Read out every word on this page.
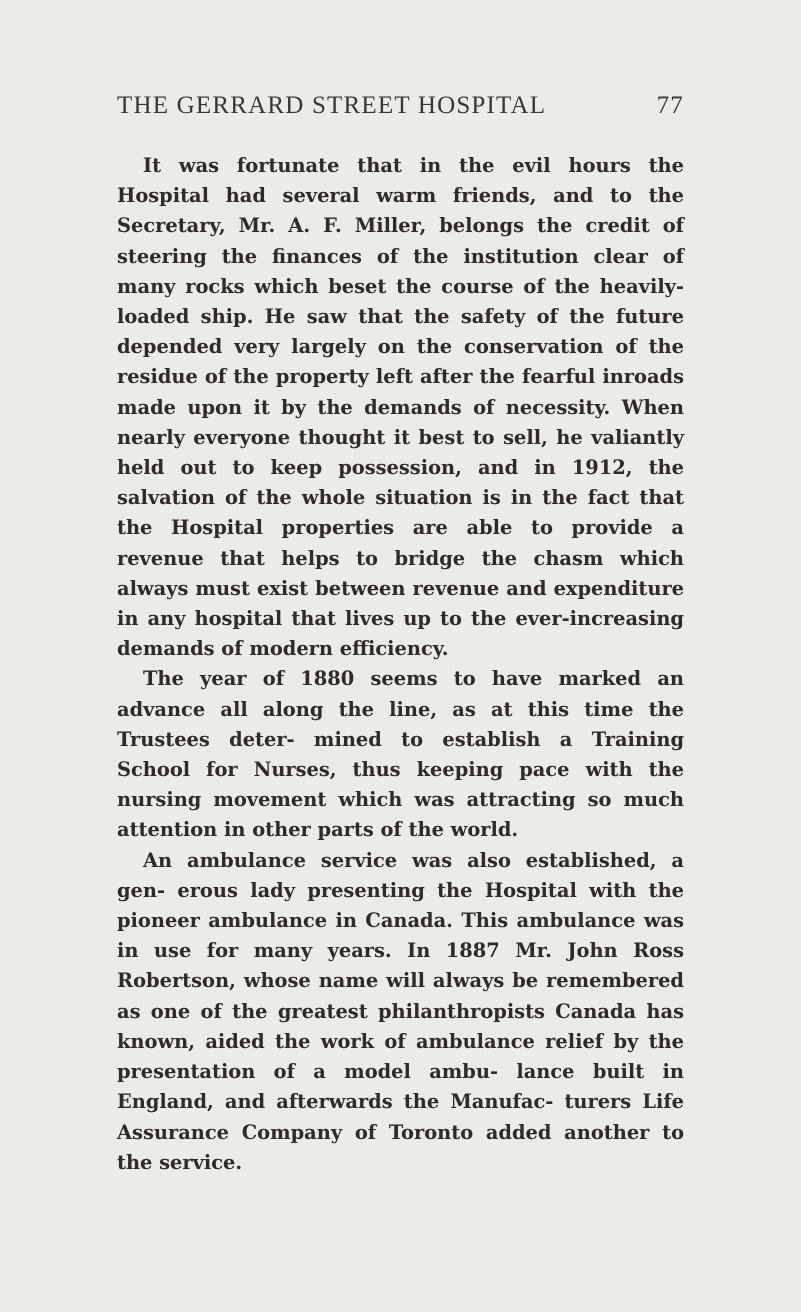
THE GERRARD STREET HOSPITAL	77

It was fortunate that in the evil hours the Hospital had several warm friends, and to the Secretary, Mr. A. F. Miller, belongs the credit of steering the finances of the institution clear of many rocks which beset the course of the heavily-loaded ship. He saw that the safety of the future depended very largely on the conservation of the residue of the property left after the fearful inroads made upon it by the demands of necessity. When nearly everyone thought it best to sell, he valiantly held out to keep possession, and in 1912, the salvation of the whole situation is in the fact that the Hospital properties are able to provide a revenue that helps to bridge the chasm which always must exist between revenue and expenditure in any hospital that lives up to the ever-increasing demands of modern efficiency.

The year of 1880 seems to have marked an advance all along the line, as at this time the Trustees deter- mined to establish a Training School for Nurses, thus keeping pace with the nursing movement which was attracting so much attention in other parts of the world.

An ambulance service was also established, a gen- erous lady presenting the Hospital with the pioneer ambulance in Canada. This ambulance was in use for many years. In 1887 Mr. John Ross Robertson, whose name will always be remembered as one of the greatest philanthropists Canada has known, aided the work of ambulance relief by the presentation of a model ambu- lance built in England, and afterwards the Manufac- turers Life Assurance Company of Toronto added another to the service.
